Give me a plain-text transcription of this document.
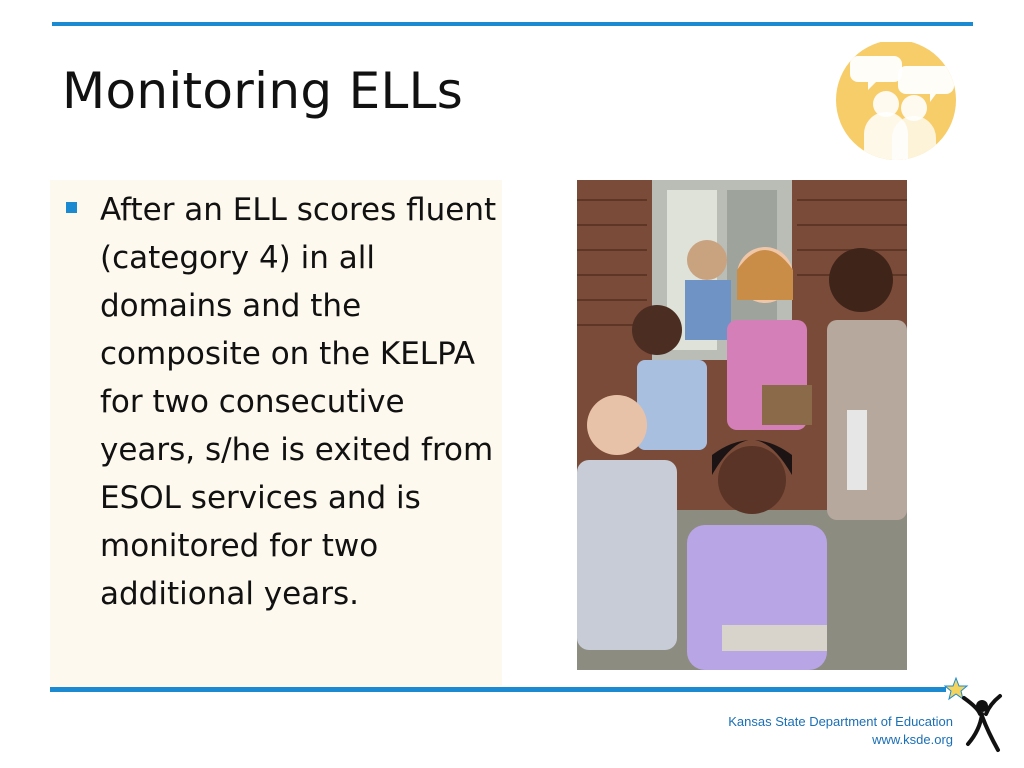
Monitoring ELLs

After an ELL scores fluent (category 4) in all domains and the composite on the KELPA for two consecutive years, s/he is exited from ESOL services and is monitored for two additional years.

Kansas State Department of Education
www.ksde.org
